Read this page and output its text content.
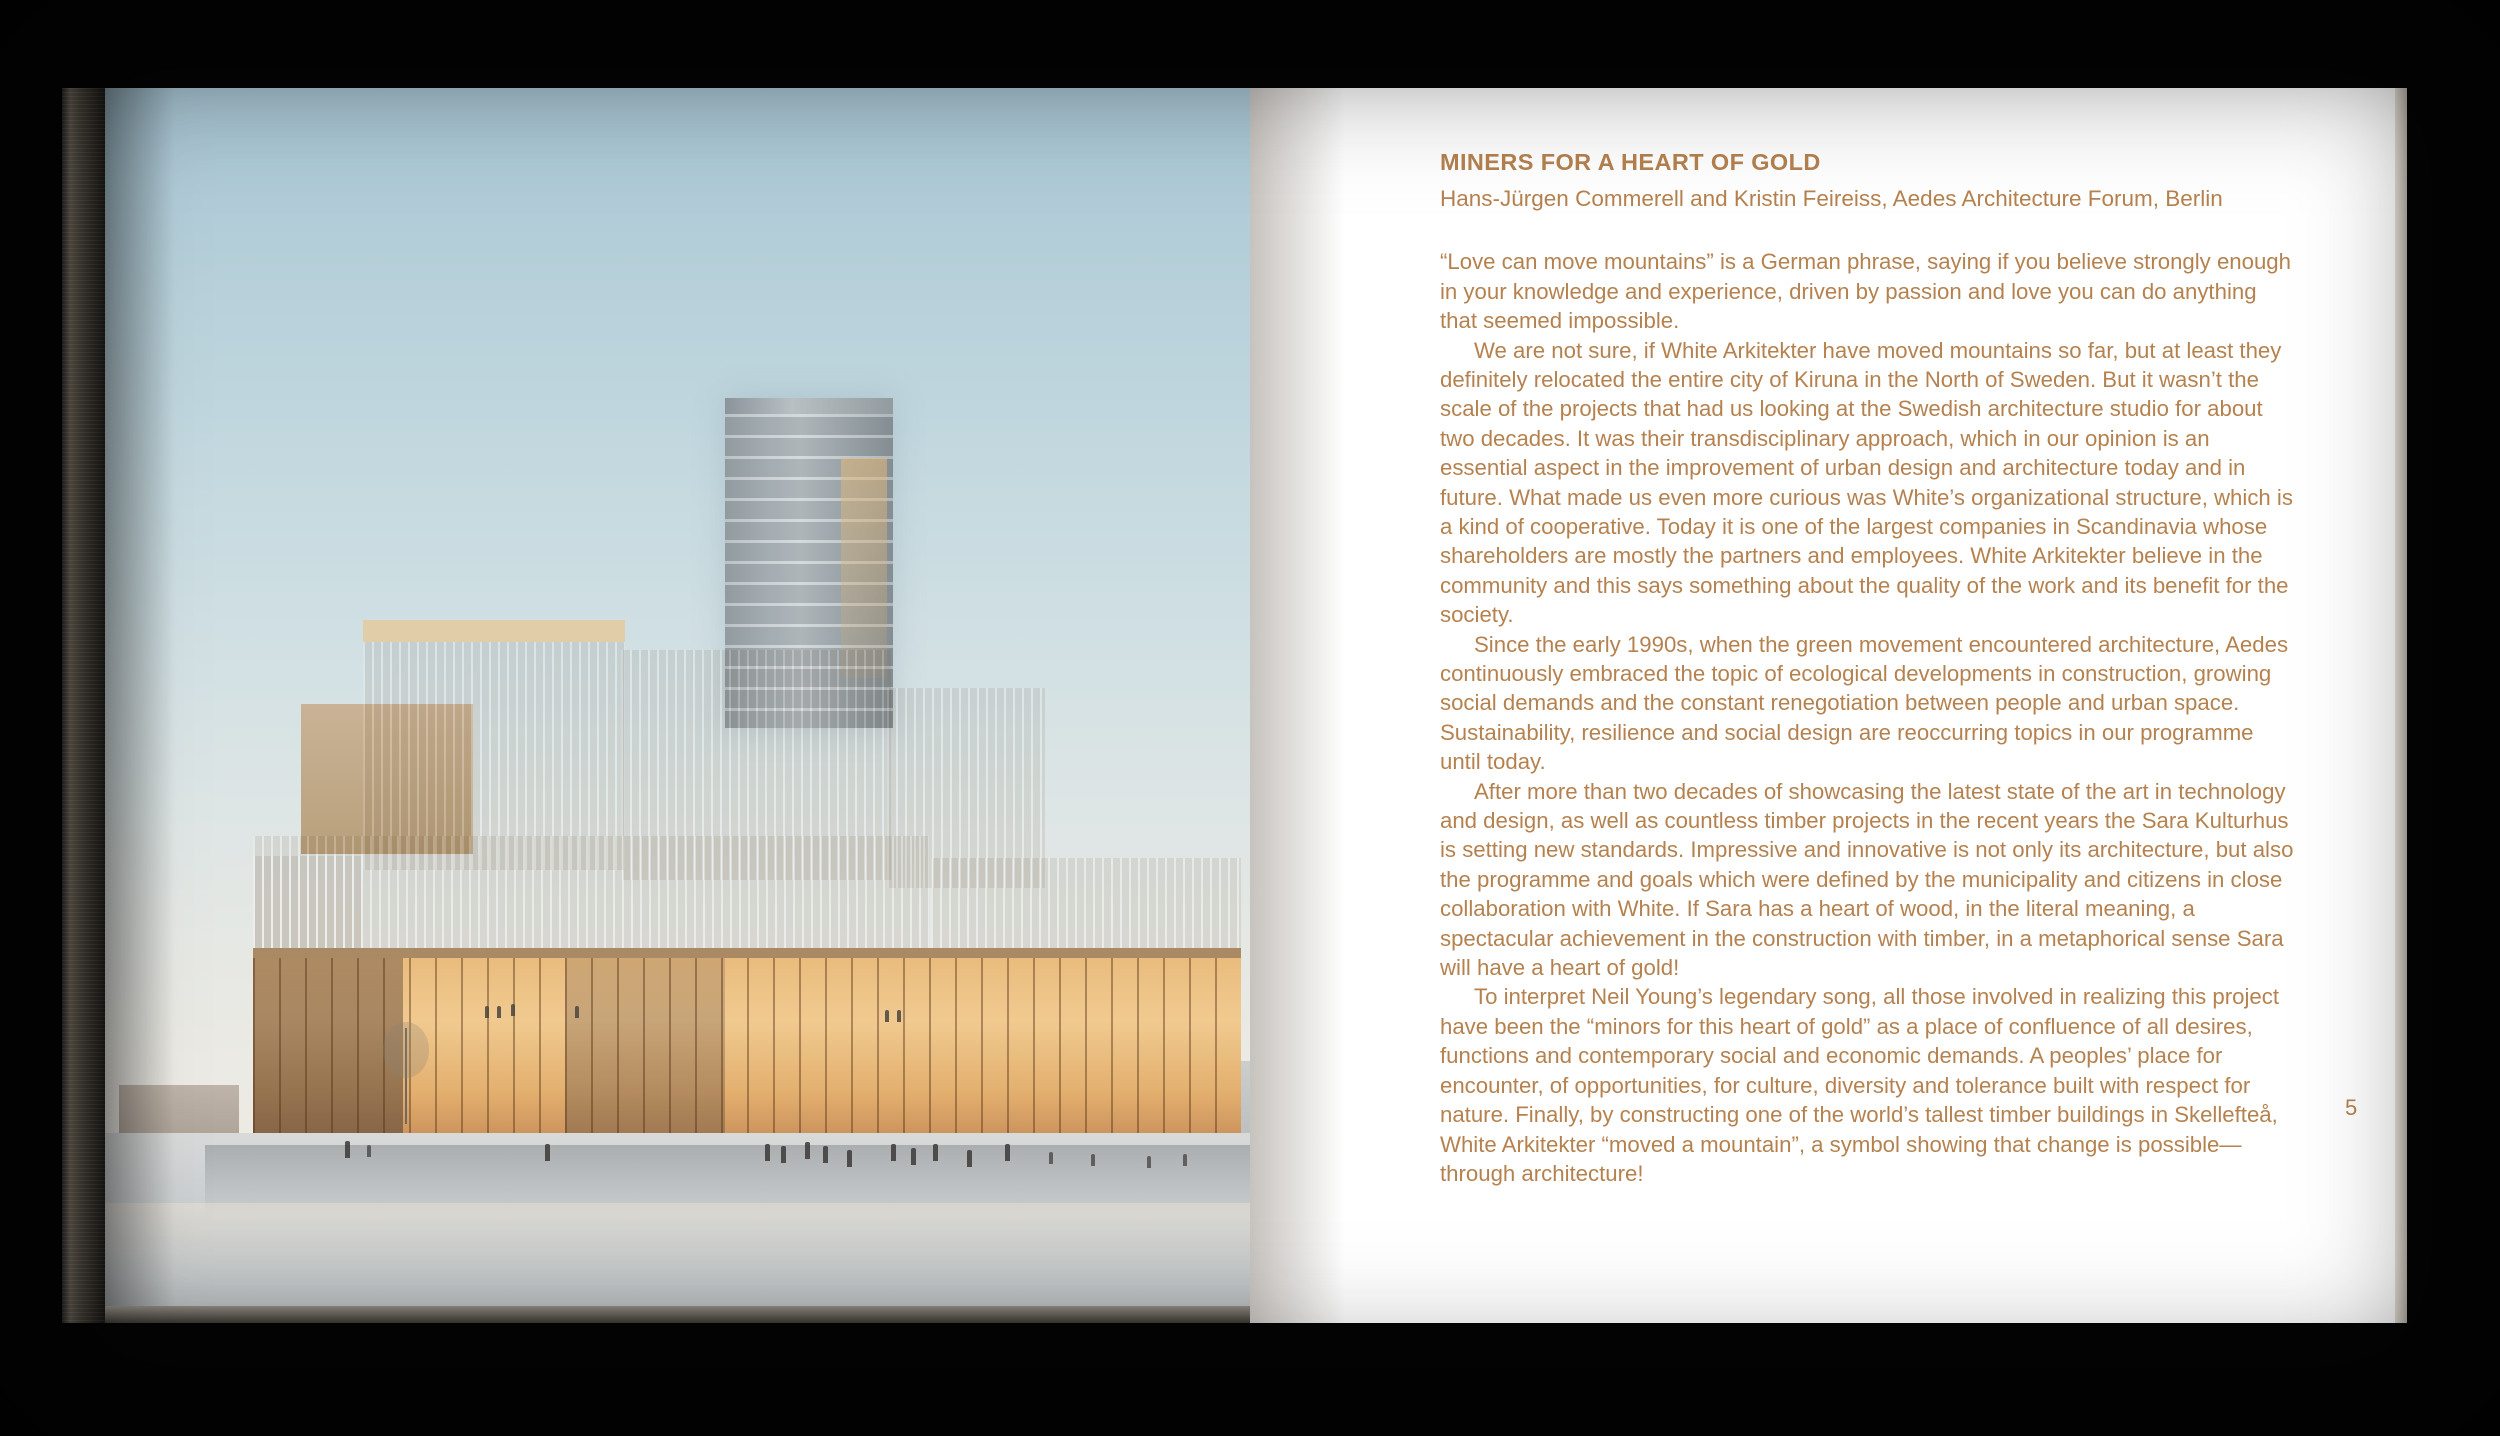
MINERS FOR A HEART OF GOLD
Hans-Jürgen Commerell and Kristin Feireiss, Aedes Architecture Forum, Berlin

“Love can move mountains” is a German phrase, saying if you believe strongly enough in your knowledge and experience, driven by passion and love you can do anything that seemed impossible.

We are not sure, if White Arkitekter have moved mountains so far, but at least they definitely relocated the entire city of Kiruna in the North of Sweden. But it wasn’t the scale of the projects that had us looking at the Swedish architecture studio for about two decades. It was their transdisciplinary approach, which in our opinion is an essential aspect in the improvement of urban design and architecture today and in future. What made us even more curious was White’s organizational structure, which is a kind of cooperative. Today it is one of the largest companies in Scandinavia whose shareholders are mostly the partners and employees. White Arkitekter believe in the community and this says something about the quality of the work and its benefit for the society.

Since the early 1990s, when the green movement encountered architecture, Aedes continuously embraced the topic of ecological developments in construction, growing social demands and the constant renegotiation between people and urban space. Sustainability, resilience and social design are reoccurring topics in our programme until today.

After more than two decades of showcasing the latest state of the art in technology and design, as well as countless timber projects in the recent years the Sara Kulturhus is setting new standards. Impressive and innovative is not only its architecture, but also the programme and goals which were defined by the municipality and citizens in close collaboration with White. If Sara has a heart of wood, in the literal meaning, a spectacular achievement in the construction with timber, in a metaphorical sense Sara will have a heart of gold!

To interpret Neil Young’s legendary song, all those involved in realizing this project have been the “minors for this heart of gold” as a place of confluence of all desires, functions and contemporary social and economic demands. A peoples’ place for encounter, of opportunities, for culture, diversity and tolerance built with respect for nature. Finally, by constructing one of the world’s tallest timber buildings in Skellefteå, White Arkitekter “moved a mountain”, a symbol showing that change is possible—through architecture!

5
